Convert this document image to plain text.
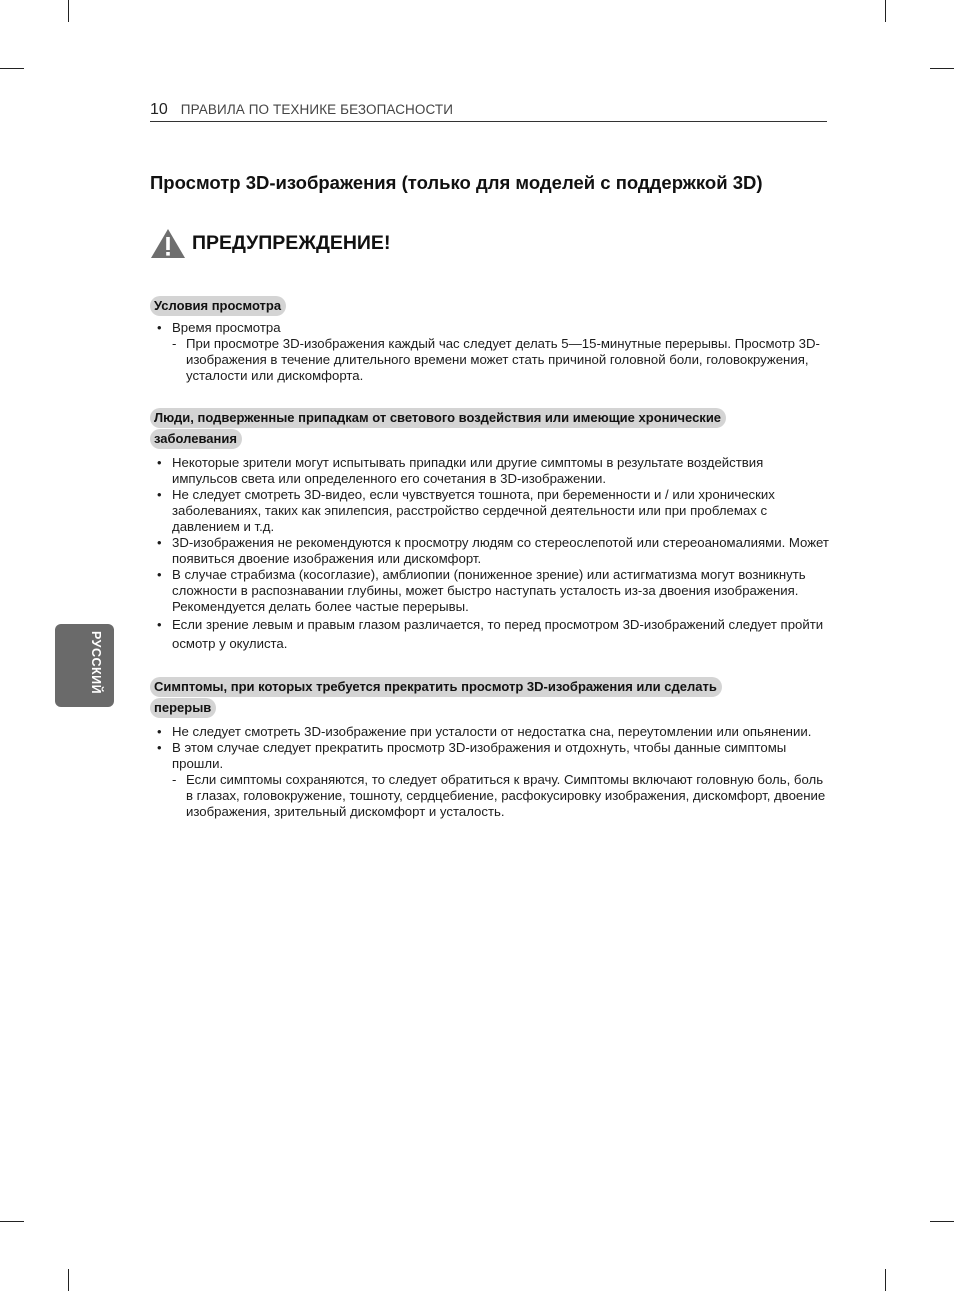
10 ПРАВИЛА ПО ТЕХНИКЕ БЕЗОПАСНОСТИ
Просмотр 3D-изображения (только для моделей с поддержкой 3D)
ПРЕДУПРЕЖДЕНИЕ!
Условия просмотра
• Время просмотра
- При просмотре 3D-изображения каждый час следует делать 5—15-минутные перерывы. Просмотр 3D-изображения в течение длительного времени может стать причиной головной боли, головокружения, усталости или дискомфорта.
Люди, подверженные припадкам от светового воздействия или имеющие хронические
заболевания
• Некоторые зрители могут испытывать припадки или другие симптомы в результате воздействия импульсов света или определенного его сочетания в 3D-изображении.
• Не следует смотреть 3D-видео, если чувствуется тошнота, при беременности и / или хронических заболеваниях, таких как эпилепсия, расстройство сердечной деятельности или при проблемах с давлением и т.д.
• 3D-изображения не рекомендуются к просмотру людям со стереослепотой или стереоаномалиями. Может появиться двоение изображения или дискомфорт.
• В случае страбизма (косоглазие), амблиопии (пониженное зрение) или астигматизма могут возникнуть сложности в распознавании глубины, может быстро наступать усталость из-за двоения изображения. Рекомендуется делать более частые перерывы.
• Если зрение левым и правым глазом различается, то перед просмотром 3D-изображений следует пройти осмотр у окулиста.
Симптомы, при которых требуется прекратить просмотр 3D-изображения или сделать
перерыв
• Не следует смотреть 3D-изображение при усталости от недостатка сна, переутомлении или опьянении.
• В этом случае следует прекратить просмотр 3D-изображения и отдохнуть, чтобы данные симптомы прошли.
- Если симптомы сохраняются, то следует обратиться к врачу. Симптомы включают головную боль, боль в глазах, головокружение, тошноту, сердцебиение, расфокусировку изображения, дискомфорт, двоение изображения, зрительный дискомфорт и усталость.
РУССКИЙ
